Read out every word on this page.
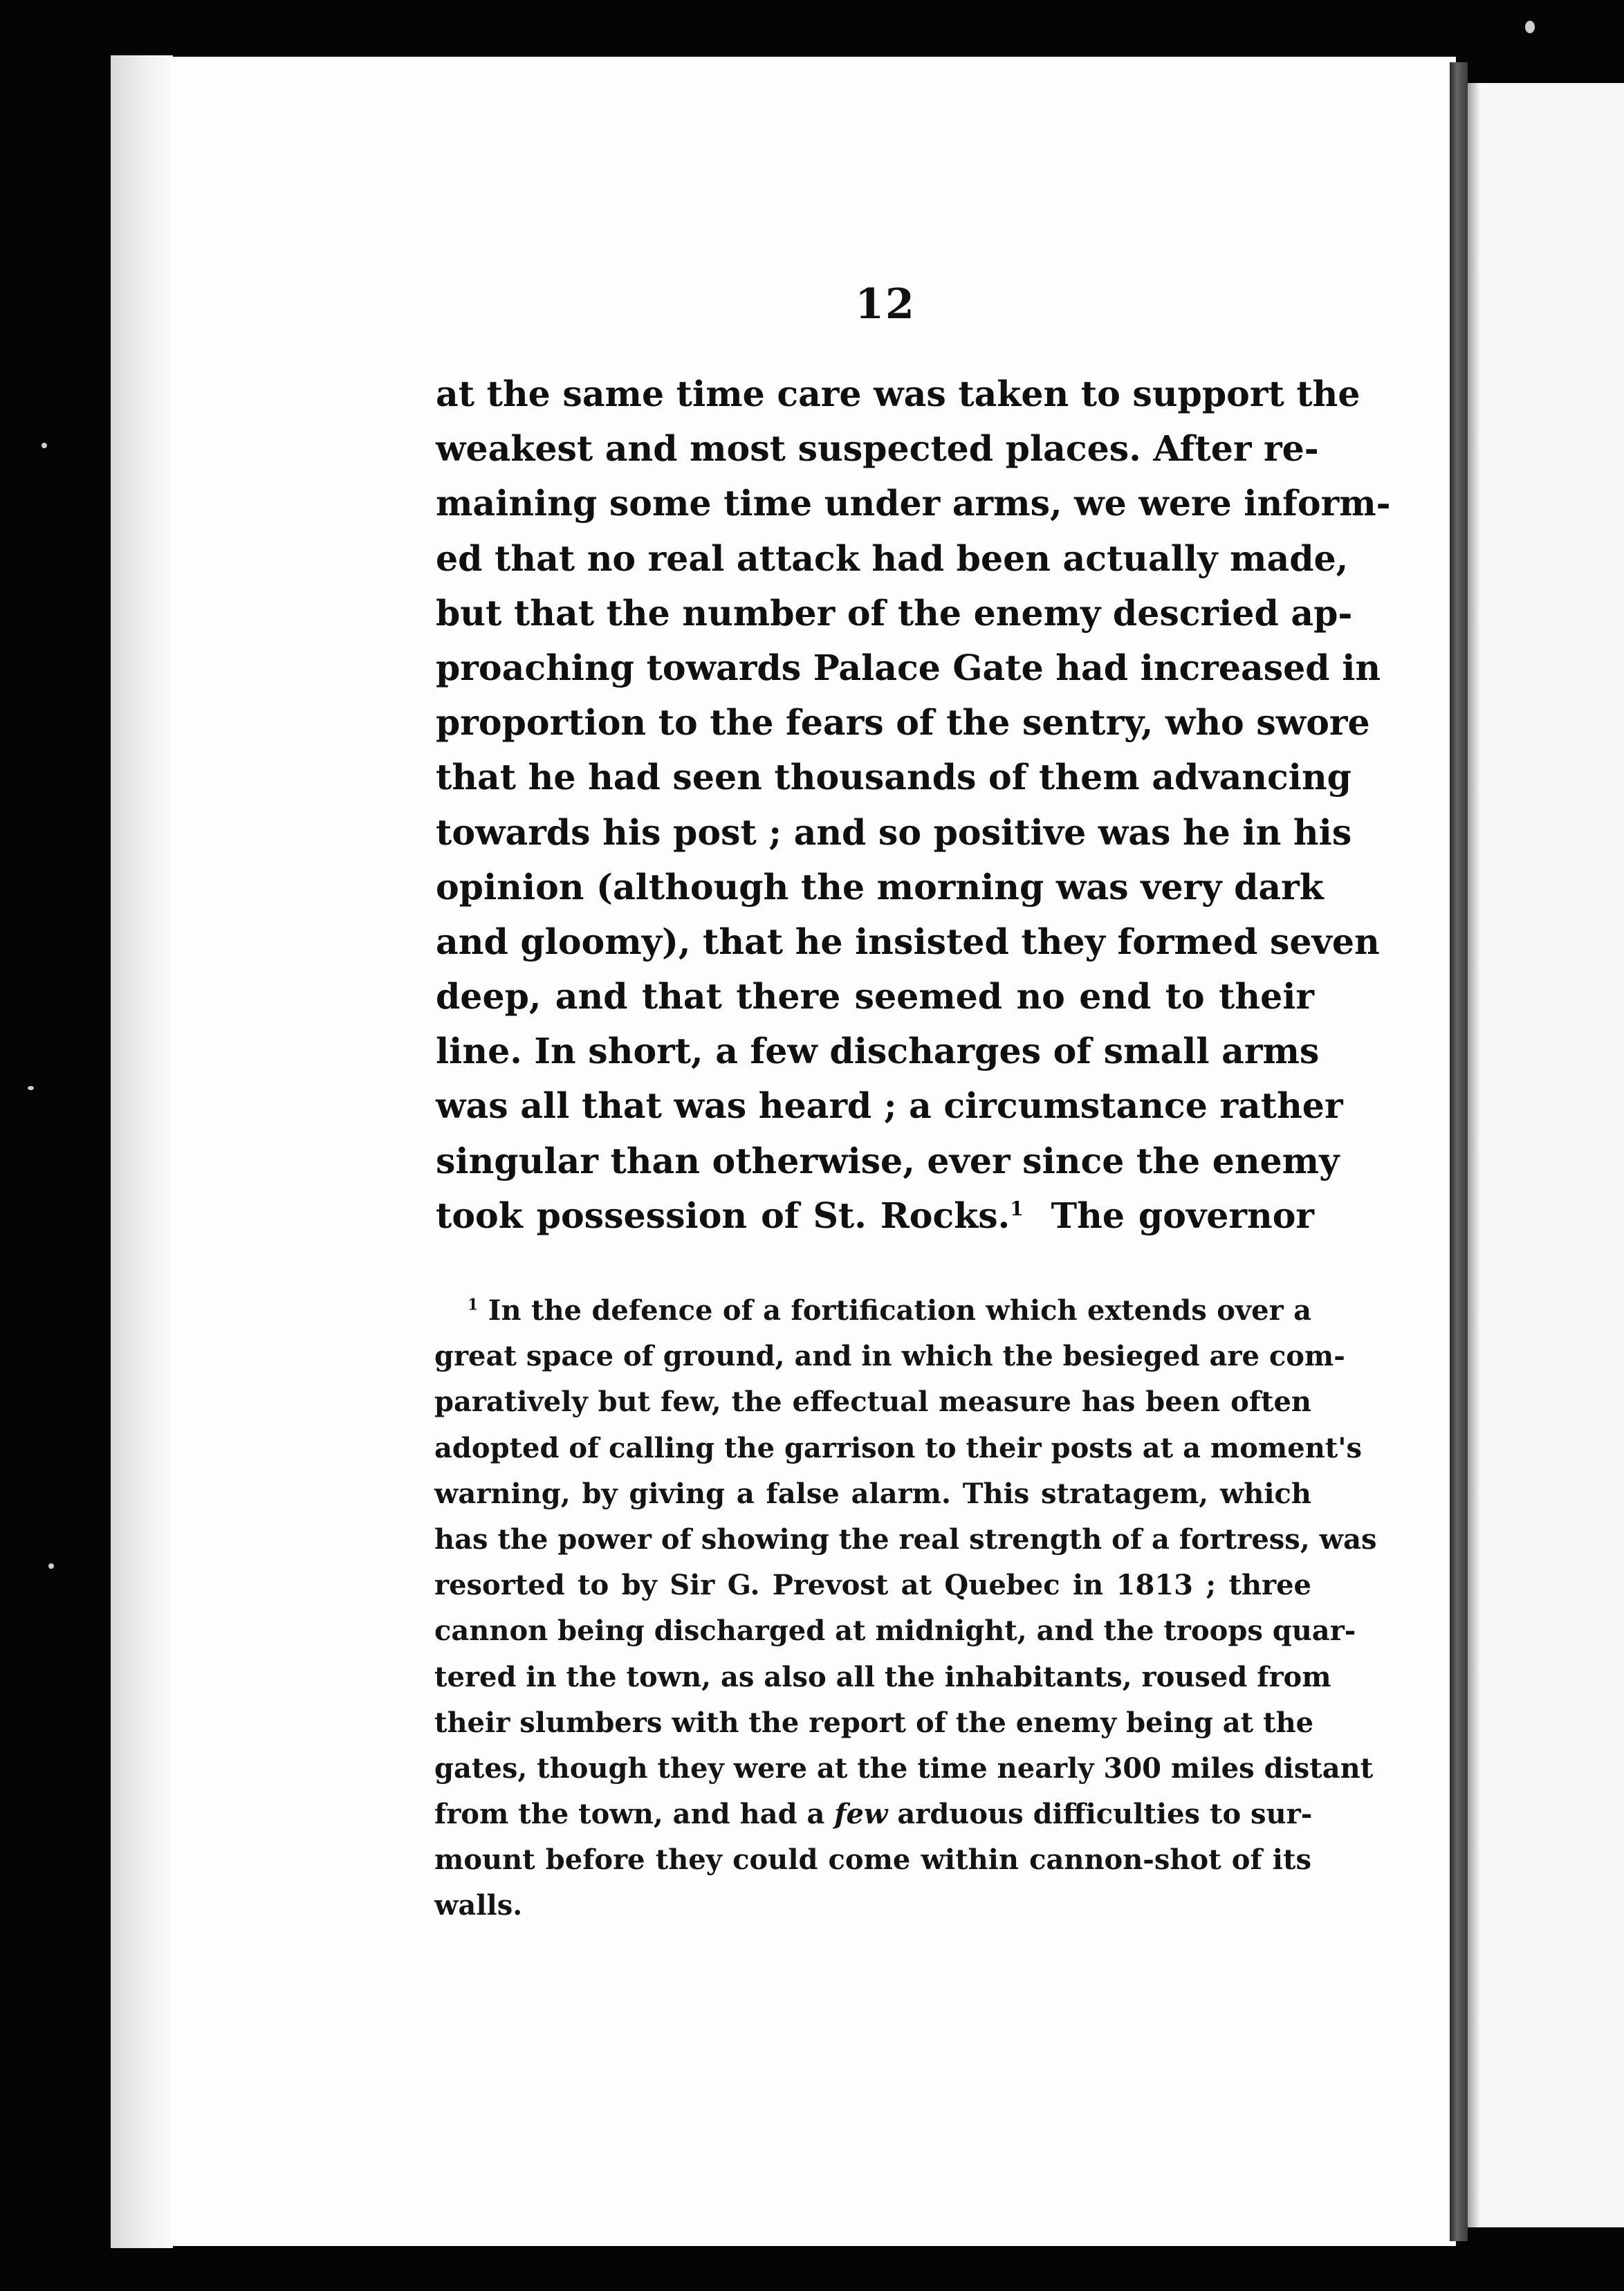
12
at the same time care was taken to support the
weakest and most suspected places. After re-
maining some time under arms, we were inform-
ed that no real attack had been actually made,
but that the number of the enemy descried ap-
proaching towards Palace Gate had increased in
proportion to the fears of the sentry, who swore
that he had seen thousands of them advancing
towards his post ; and so positive was he in his
opinion (although the morning was very dark
and gloomy), that he insisted they formed seven
deep, and that there seemed no end to their
line. In short, a few discharges of small arms
was all that was heard ; a circumstance rather
singular than otherwise, ever since the enemy
took possession of St. Rocks.$^1$  The governor
$^1$ In the defence of a fortification which extends over a
great space of ground, and in which the besieged are com-
paratively but few, the effectual measure has been often
adopted of calling the garrison to their posts at a moment's
warning, by giving a false alarm. This stratagem, which
has the power of showing the real strength of a fortress, was
resorted to by Sir G. Prevost at Quebec in 1813 ; three
cannon being discharged at midnight, and the troops quar-
tered in the town, as also all the inhabitants, roused from
their slumbers with the report of the enemy being at the
gates, though they were at the time nearly 300 miles distant
from the town, and had a few arduous difficulties to sur-
mount before they could come within cannon-shot of its
walls.
